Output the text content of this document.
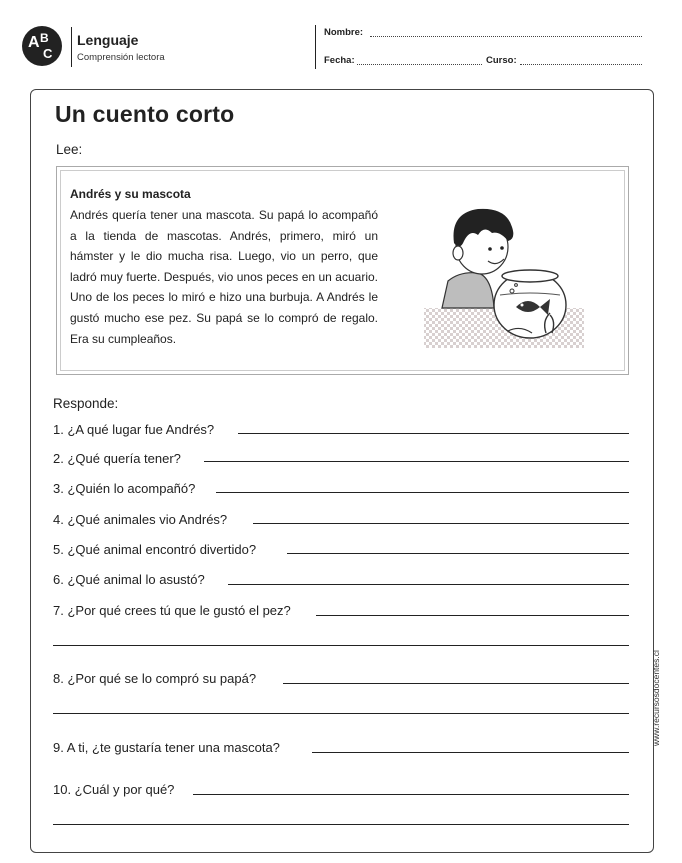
A B
C
Lenguaje
Comprensión lectora
Nombre:
Fecha:	Curso:
Un cuento corto
Lee:
Andrés y su mascota
Andrés quería tener una mascota. Su papá lo acompañó a la tienda de mascotas. Andrés, primero, miró un hámster y le dio mucha risa. Luego, vio un perro, que ladró muy fuerte. Después, vio unos peces en un acuario. Uno de los peces lo miró e hizo una burbuja. A Andrés le gustó mucho ese pez. Su papá se lo compró de regalo. Era su cumpleaños.
Responde:
1. ¿A qué lugar fue Andrés?
2. ¿Qué quería tener?
3. ¿Quién lo acompañó?
4. ¿Qué animales vio Andrés?
5. ¿Qué animal encontró divertido?
6. ¿Qué animal lo asustó?
7. ¿Por qué crees tú que le gustó el pez?
8. ¿Por qué se lo compró su papá?
9. A ti, ¿te gustaría tener una mascota?
10. ¿Cuál y por qué?
www.recursosdocentes.cl
